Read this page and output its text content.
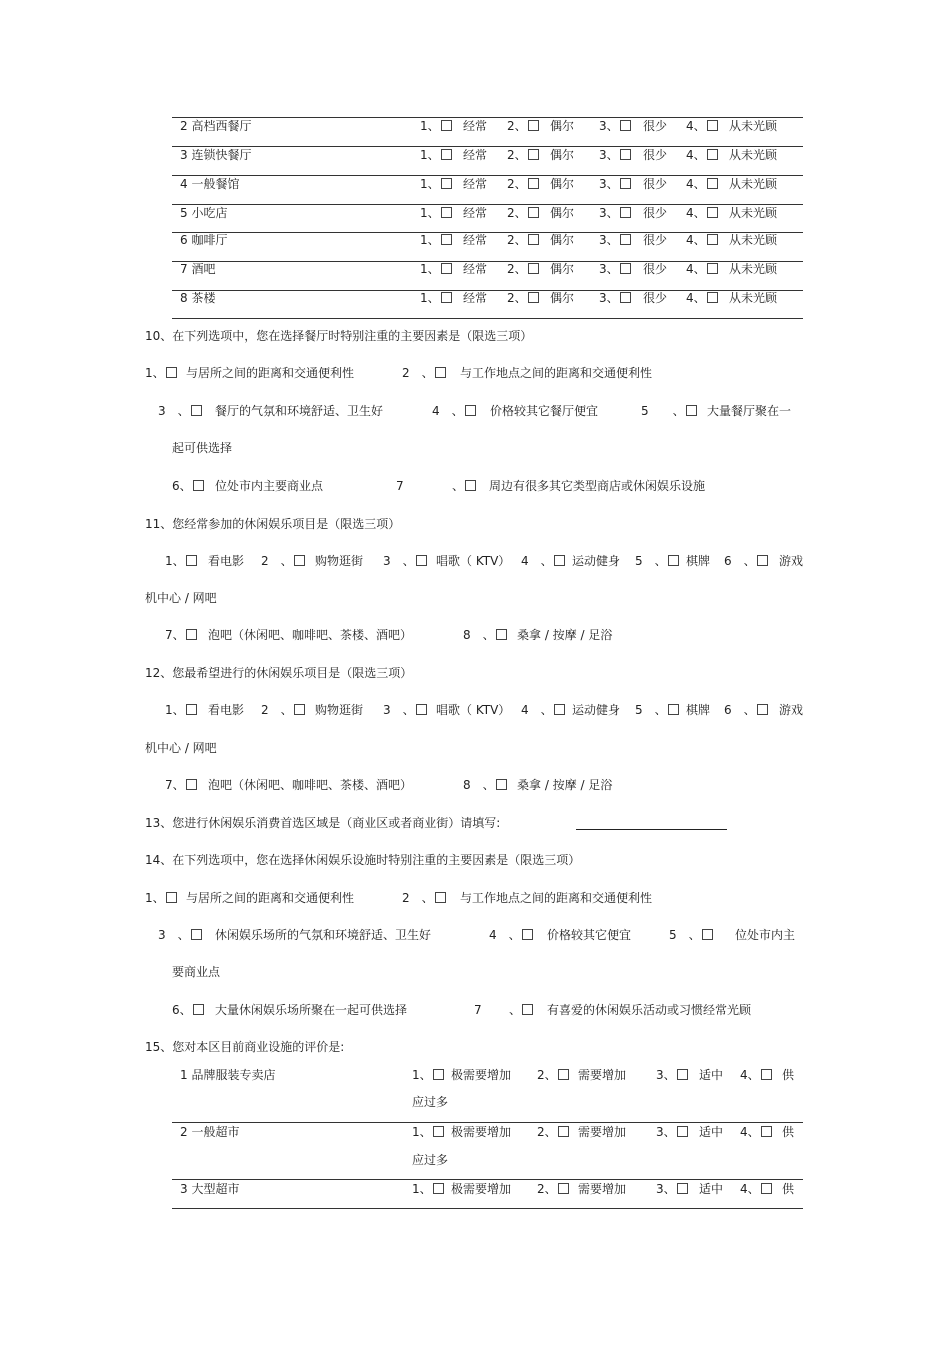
2 高档西餐厅	1、	经常 2、	偶尔 3、	很少 4、	从未光顾
3 连锁快餐厅	1、	经常 2、	偶尔 3、	很少 4、	从未光顾
4 一般餐馆	1、	经常 2、	偶尔 3、	很少 4、	从未光顾
5 小吃店	1、	经常 2、	偶尔 3、	很少 4、	从未光顾
6 咖啡厅	1、	经常 2、	偶尔 3、	很少 4、	从未光顾
7 酒吧	1、	经常 2、	偶尔 3、	很少 4、	从未光顾
8 茶楼	1、	经常 2、	偶尔 3、	很少 4、	从未光顾
10、在下列选项中，您在选择餐厅时特别注重的主要因素是（限选三项）
1、	与居所之间的距离和交通便利性	2　、	与工作地点之间的距离和交通便利性
3　、	餐厅的气氛和环境舒适、卫生好	4　、	价格较其它餐厅便宜	5　　、	大量餐厅聚在一
起可供选择
6、	位处市内主要商业点	7	、	周边有很多其它类型商店或休闲娱乐设施
11、您经常参加的休闲娱乐项目是（限选三项）
1、	看电影 2　、	购物逛街 3　、	唱歌（ KTV） 4　、	运动健身 5　、	棋牌 6　、	游戏
机中心 / 网吧
7、	泡吧（休闲吧、咖啡吧、茶楼、酒吧）	8　、	桑拿 / 按摩 / 足浴
12、您最希望进行的休闲娱乐项目是（限选三项）
1、	看电影 2　、	购物逛街 3　、	唱歌（ KTV） 4　、	运动健身 5　、	棋牌 6　、	游戏
机中心 / 网吧
7、	泡吧（休闲吧、咖啡吧、茶楼、酒吧）	8　、	桑拿 / 按摩 / 足浴
13、您进行休闲娱乐消费首选区域是（商业区或者商业街）请填写:
14、在下列选项中，您在选择休闲娱乐设施时特别注重的主要因素是（限选三项）
1、	与居所之间的距离和交通便利性	2　、	与工作地点之间的距离和交通便利性
3　、	休闲娱乐场所的气氛和环境舒适、卫生好	4　、	价格较其它便宜	5　、	位处市内主
要商业点
6、	大量休闲娱乐场所聚在一起可供选择	7 、	有喜爱的休闲娱乐活动或习惯经常光顾
15、您对本区目前商业设施的评价是:
1 品牌服装专卖店	1、	极需要增加 2、	需要增加 3、	适中 4、	供
应过多
2 一般超市	1、	极需要增加 2、	需要增加 3、	适中 4、	供
应过多
3 大型超市	1、	极需要增加 2、	需要增加 3、	适中 4、	供
